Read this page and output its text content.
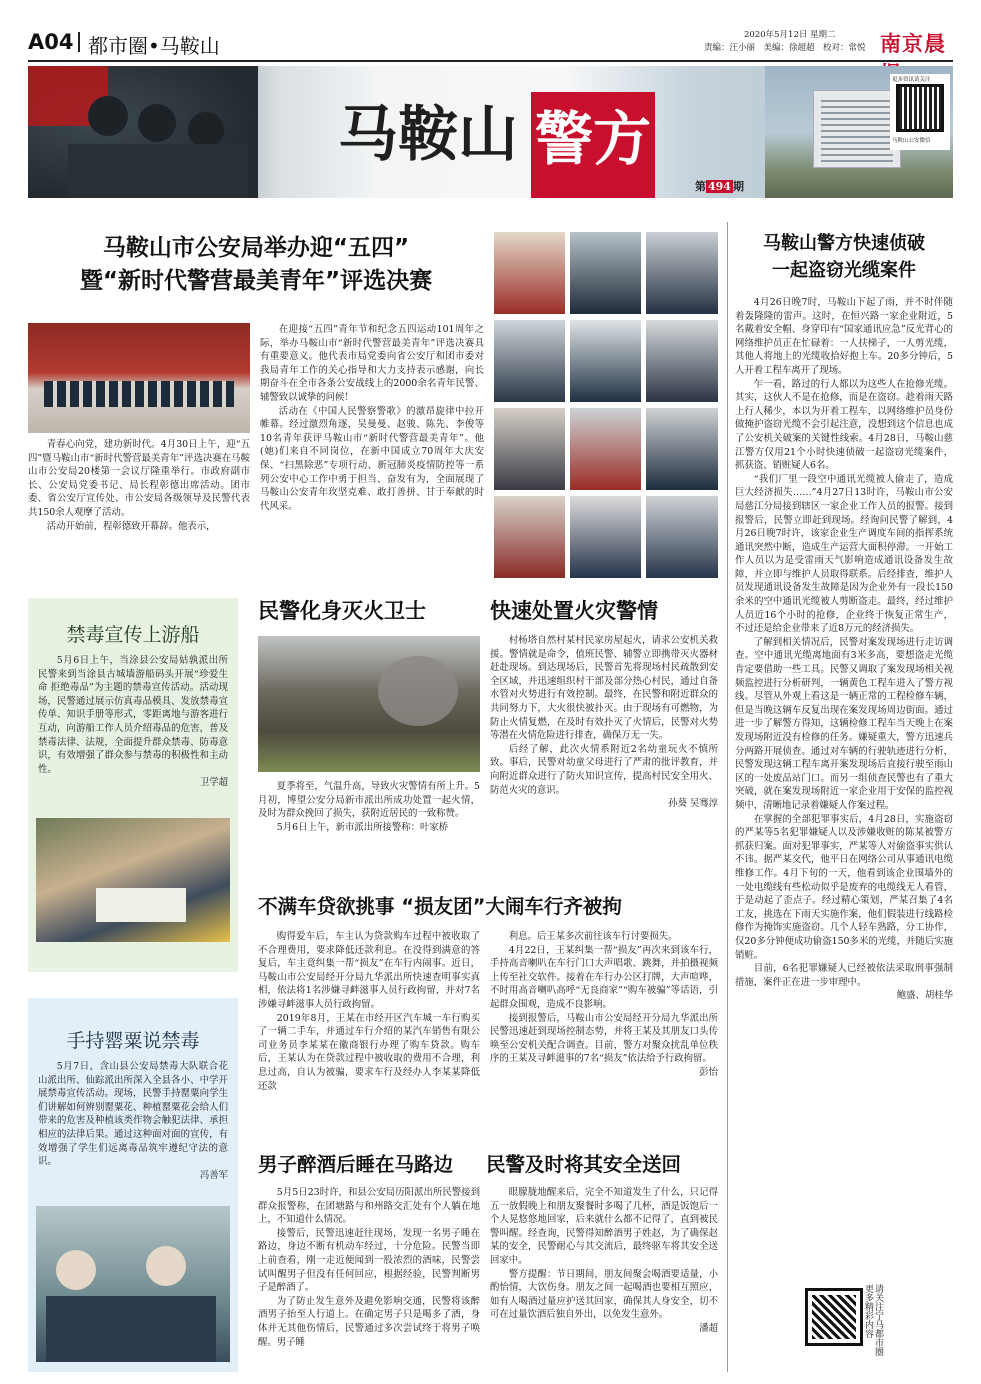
A04 都市圈•马鞍山	2020年5月12日 星期二
责编：汪小丽　美编：徐超超　校对：常悦 南京晨
马鞍山 警方
第 494 期
更多资讯请关注
马鞍山公安微信
马鞍山市公安局举办迎“五四”
暨“新时代警营最美青年”评选决赛

青春心向党，建功新时代。4月30日上午，迎“五四”暨马鞍山市“新时代警营最美青年”评选决赛在马鞍山市公安局20楼第一会议厅隆重举行。市政府副市长、公安局党委书记、局长程彰德出席活动。团市委、省公安厅宣传处、市公安局各级领导及民警代表共150余人观摩了活动。

活动开始前，程彰德致开幕辞。他表示，

在迎接“五四”青年节和纪念五四运动101周年之际，举办马鞍山市“新时代警营最美青年”评选决赛具有重要意义。他代表市局党委向省公安厅和团市委对我局青年工作的关心指导和大力支持表示感谢，向长期奋斗在全市各条公安战线上的2000余名青年民警、辅警致以诚挚的问候！

活动在《中国人民警察警歌》的激昂旋律中拉开帷幕。经过激烈角逐，吴曼曼、赵骏、陈先、李俊等10名青年获评马鞍山市“新时代警营最美青年”。他(她)们来自不同岗位，在新中国成立70周年大庆安保、“扫黑除恶”专项行动、新冠肺炎疫情防控等一系列公安中心工作中勇于担当、奋发有为，全面展现了马鞍山公安青年玫坚克难、敢打善拼、甘于奉献的时代风采。

马鞍山警方快速侦破
一起盗窃光缆案件

4月26日晚7时，马鞍山下起了雨，并不时伴随着轰隆隆的雷声。这时，在恒兴路一家企业附近，5名戴着安全帽、身穿印有“国家通讯应急”反光背心的网络维护员正在忙碌着：一人扶梯子，一人剪光缆，其他人将地上的光缆收拾好抱上车。20多分钟后，5人开着工程车离开了现场。

乍一看，路过的行人都以为这些人在抢修光缆。其实，这伙人不是在抢修，而是在盗窃。趁着雨天路上行人稀少，本以为开着工程车，以网络维护员身份做掩护盗窃光缆不会引起注意，没想到这个信息也成了公安机关破案的关键性线索。4月28日，马鞍山慈江警方仅用21个小时快速侦破一起盗窃光缆案件，抓获盗、销赃疑人6名。

“我们厂里一段空中通讯光缆被人偷走了，造成巨大经济损失……”4月27日13时许，马鞍山市公安局慈江分局接到辖区一家企业工作人员的报警。接到报警后，民警立即赶到现场。经询问民警了解到，4月26日晚7时许，该家企业生产调度车间的指挥系统通讯突然中断，造成生产运营大面积停滞。一开始工作人员以为是受雷雨天气影响造成通讯设备发生故障，并立即与维护人员取得联系。后经排查，维护人员发现通讯设备发生故障是因为企业外有一段长150余米的空中通讯光缆被人剪断盗走。最终，经过维护人员近16个小时的抢修，企业终于恢复正常生产，不过还是给企业带来了近8万元的经济损失。

了解到相关情况后，民警对案发现场进行走访调查。空中通讯光缆离地面有3米多高，要想盗走光缆肯定要借助一些工具。民警又调取了案发现场相关视频监控进行分析研判，一辆黄色工程车进入了警方视线。尽管从外观上看这是一辆正常的工程检修车辆，但是当晚这辆车反复出现在案发现场周边街面。通过进一步了解警方得知，这辆检修工程车当天晚上在案发现场附近没有检修的任务。嫌疑重大，警方迅速兵分两路开展侦查。通过对车辆的行驶轨迹进行分析，民警发现这辆工程车离开案发现场后直接行驶至雨山区的一处废品站门口。而另一组侦查民警也有了重大突破，就在案发现场附近一家企业用于安保的监控视频中，清晰地记录着嫌疑人作案过程。

在掌握的全部犯罪事实后，4月28日，实施盗窃的严某等5名犯罪嫌疑人以及涉嫌收赃的陈某被警方抓获归案。面对犯罪事实，严某等人对偷盗事实供认不讳。据严某交代，他平日在网络公司从事通讯电缆维修工作。4月下旬的一天，他看到该企业围墙外的一处电缆线有些松动似乎是废弃的电缆线无人看管，于是动起了歪点子。经过精心策划，严某召集了4名工友，挑选在下雨天实施作案，他们假装进行线路检修作为掩饰实施盗窃。几个人轻车熟路，分工协作，仅20多分钟便成功偷盗150多米的光缆，并随后实施销赃。

目前，6名犯罪嫌疑人已经被依法采取刑事强制措施，案件正在进一步审理中。

鲍盛、胡桂华

请关注宁马都市圈　更多精彩内容
禁毒宣传上游船

5月6日上午，当涂县公安局姑孰派出所民警来到当涂县古城墙游船码头开展“珍爱生命 拒绝毒品”为主题的禁毒宣传活动。活动现场，民警通过展示仿真毒品模具、发放禁毒宣传单、知识手册等形式，零距离地与游客进行互动，向游船工作人员介绍毒品的危害，普及禁毒法律、法规，全面提升群众禁毒、防毒意识，有效增强了群众参与禁毒的积极性和主动性。

卫学超

手持罂粟说禁毒

5月7日，含山县公安局禁毒大队联合花山派出所、仙踪派出所深入全县各小、中学开展禁毒宣传活动。现场，民警手持罂粟向学生们讲解如何辨别罂粟花、种植罂粟花会给人们带来的危害及种植该类作物会触犯法律、承担相应的法律后果。通过这种面对面的宣传，有效增强了学生们远离毒品筑牢遵纪守法的意识。

冯善军

民警化身灭火卫士	快速处置火灾警情

夏季将至，气温升高，导致火灾警情有所上升。5月初，博望公安分局新市派出所成功处置一起火情，及时为群众挽回了损失，获附近居民的一致称赞。

5月6日上午，新市派出所接警称：叶家桥

村杨塔自然村某村民家房屋起火，请求公安机关救援。警情就是命令，值班民警、辅警立即携带灭火器材赶赴现场。到达现场后，民警首先将现场村民疏散到安全区域，并迅速组织村干部及部分热心村民，通过自备水管对火势进行有效控制。最终，在民警和附近群众的共同努力下，大火很快被扑灭。由于现场有可燃物，为防止火情复燃，在及时有效扑灭了火情后，民警对火势等潜在火情危险进行排查，确保万无一失。

后经了解，此次火情系附近2名幼童玩火不慎所致。事后，民警对幼童父母进行了严肃的批评教育，并向附近群众进行了防火知识宣传，提高村民安全用火、防范火灾的意识。

孙葵 吴骞淳

不满车贷欲挑事 “损友团”大闹车行齐被拘

购得爱车后，车主认为贷款购车过程中被收取了不合理费用，要求降低还款利息。在没得到满意的答复后，车主竟纠集一帮“损友”在车行内闹事。近日，马鞍山市公安局经开分局九华派出所快速查明事实真相，依法将1名涉嫌寻衅滋事人员行政拘留，并对7名涉嫌寻衅滋事人员行政拘留。

2019年8月，王某在市经开区汽车城一车行购买了一辆二手车，并通过车行介绍的某汽车销售有限公司业务员李某某在徽商银行办理了购车贷款。购车后，王某认为在贷款过程中被收取的费用不合理，利息过高，自认为被骗，要求车行及经办人李某某降低还款

利息。后王某多次前往该车行讨要损失。

4月22日，王某纠集一帮“损友”再次来到该车行，手持高音喇叭在车行门口大声唱歌、跳舞，并拍摄视频上传至社交软件。接着在车行办公区打牌，大声喧哗，不时用高音喇叭高呼“无良商家”“购车被骗”等话语，引起群众围观，造成不良影响。

接到报警后，马鞍山市公安局经开分局九华派出所民警迅速赶到现场控制态势，并将王某及其朋友口头传唤至公安机关配合调查。目前，警方对聚众扰乱单位秩序的王某及寻衅滋事的7名“损友”依法给予行政拘留。

彭怡

男子醉酒后睡在马路边 民警及时将其安全送回

5月5日23时许，和县公安局历阳派出所民警接到群众报警称，在团塘路与和州路交汇处有个人躺在地上，不知道什么情况。

接警后，民警迅速赶往现场，发现一名男子睡在路边，身边不断有机动车经过，十分危险。民警当即上前查看，刚一走近便闻到一股浓烈的酒味，民警尝试叫醒男子但没有任何回应，根据经验，民警判断男子是醉酒了。

为了防止发生意外及避免影响交通，民警将该醉酒男子抬至人行道上。在确定男子只是喝多了酒，身体并无其他伤情后，民警通过多次尝试终于将男子唤醒。男子睡

眼朦胧地醒来后，完全不知道发生了什么，只记得五一放假晚上和朋友聚餐时多喝了几杯，酒是饭饱后一个人晃悠悠地回家，后来就什么都不记得了，直到被民警叫醒。经查询，民警得知醉酒男子姓赵，为了确保赵某的安全，民警耐心与其交流后，最终驱车将其安全送回家中。

警方提醒：节日期间，朋友间聚会喝酒要适量，小酌怡情，大饮伤身。朋友之间一起喝酒也要相互照应，如有人喝酒过量应护送其回家，确保其人身安全，切不可在过量饮酒后独自外出，以免发生意外。

潘超
